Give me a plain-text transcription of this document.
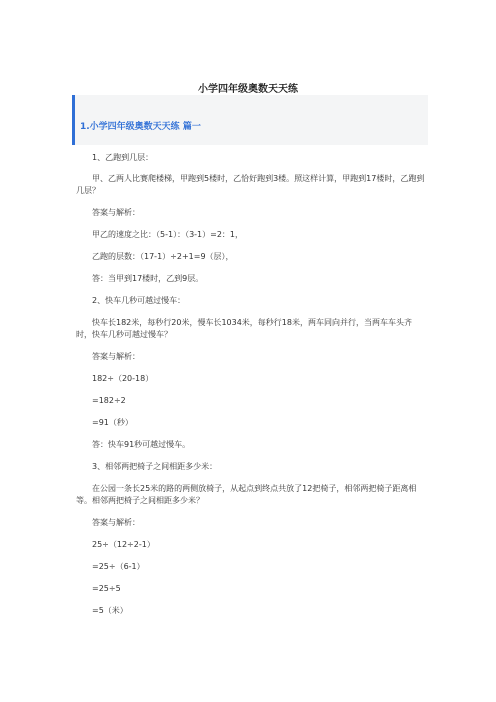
小学四年级奥数天天练
1.小学四年级奥数天天练 篇一

1、乙跑到几层：

甲、乙两人比赛爬楼梯，甲跑到5楼时，乙恰好跑到3楼。照这样计算，甲跑到17楼时，乙跑到几层？

答案与解析：

甲乙的速度之比：（5-1）：（3-1）=2：1，

乙跑的层数：（17-1）÷2+1=9（层），

答：当甲到17楼时，乙到9层。

2、快车几秒可越过慢车：

快车长182米，每秒行20米，慢车长1034米，每秒行18米，两车同向并行，当两车车头齐时，快车几秒可越过慢车？

答案与解析：

182÷（20-18）

=182÷2

=91（秒）

答：快车91秒可越过慢车。

3、相邻两把椅子之间相距多少米：

在公园一条长25米的路的两侧放椅子，从起点到终点共放了12把椅子，相邻两把椅子距离相等。相邻两把椅子之间相距多少米？

答案与解析：

25÷（12÷2-1）

=25÷（6-1）

=25÷5

=5（米）
